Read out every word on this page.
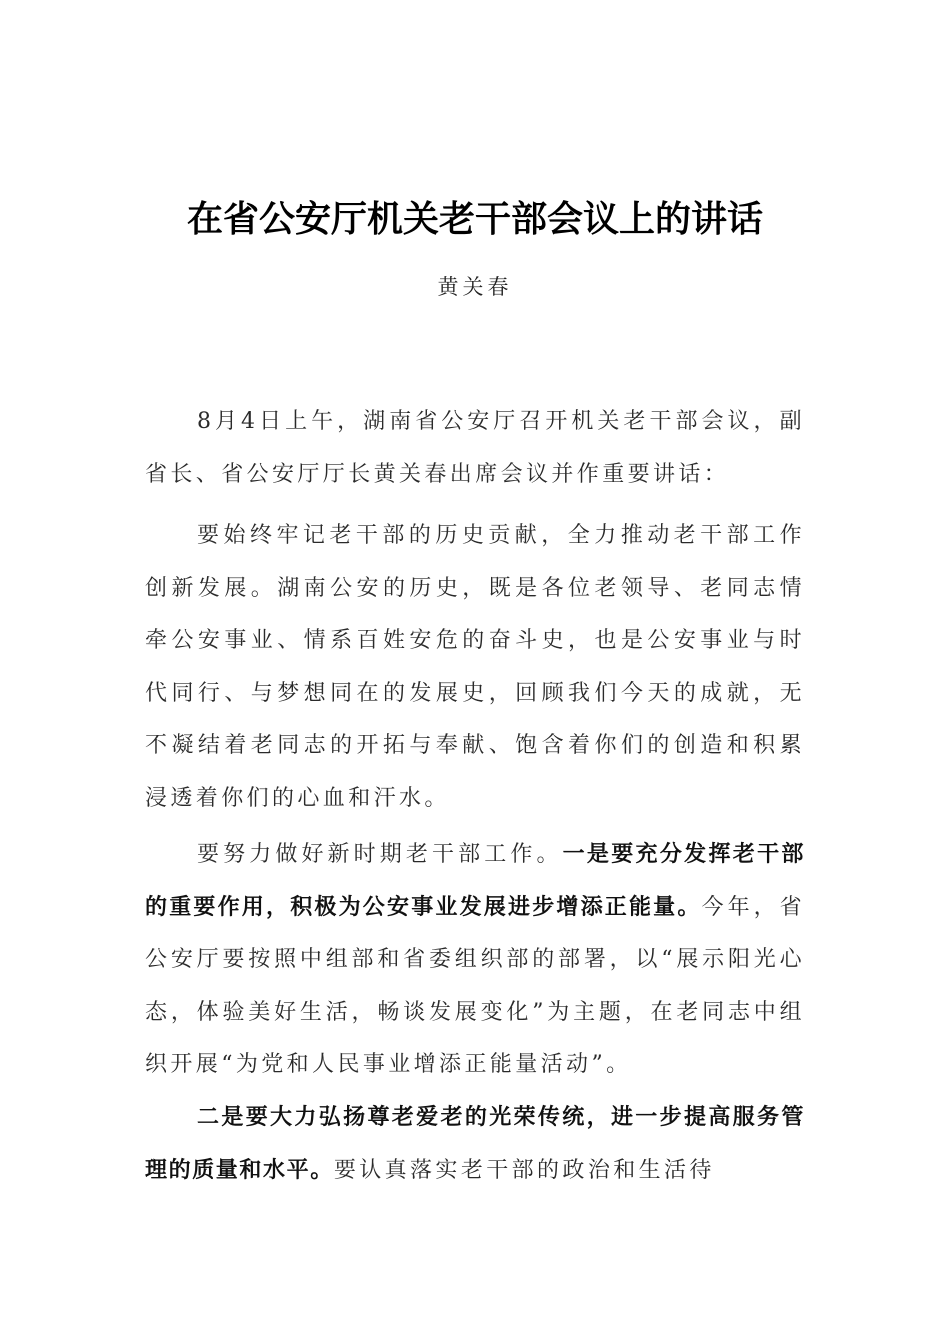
在省公安厅机关老干部会议上的讲话
黄关春

8月4日上午，湖南省公安厅召开机关老干部会议，副省长、省公安厅厅长黄关春出席会议并作重要讲话：

要始终牢记老干部的历史贡献，全力推动老干部工作创新发展。湖南公安的历史，既是各位老领导、老同志情牵公安事业、情系百姓安危的奋斗史，也是公安事业与时代同行、与梦想同在的发展史，回顾我们今天的成就，无不凝结着老同志的开拓与奉献、饱含着你们的创造和积累浸透着你们的心血和汗水。

要努力做好新时期老干部工作。一是要充分发挥老干部的重要作用，积极为公安事业发展进步增添正能量。今年，省公安厅要按照中组部和省委组织部的部署，以“展示阳光心态，体验美好生活，畅谈发展变化”为主题，在老同志中组织开展“为党和人民事业增添正能量活动”。

二是要大力弘扬尊老爱老的光荣传统，进一步提高服务管理的质量和水平。要认真落实老干部的政治和生活待
